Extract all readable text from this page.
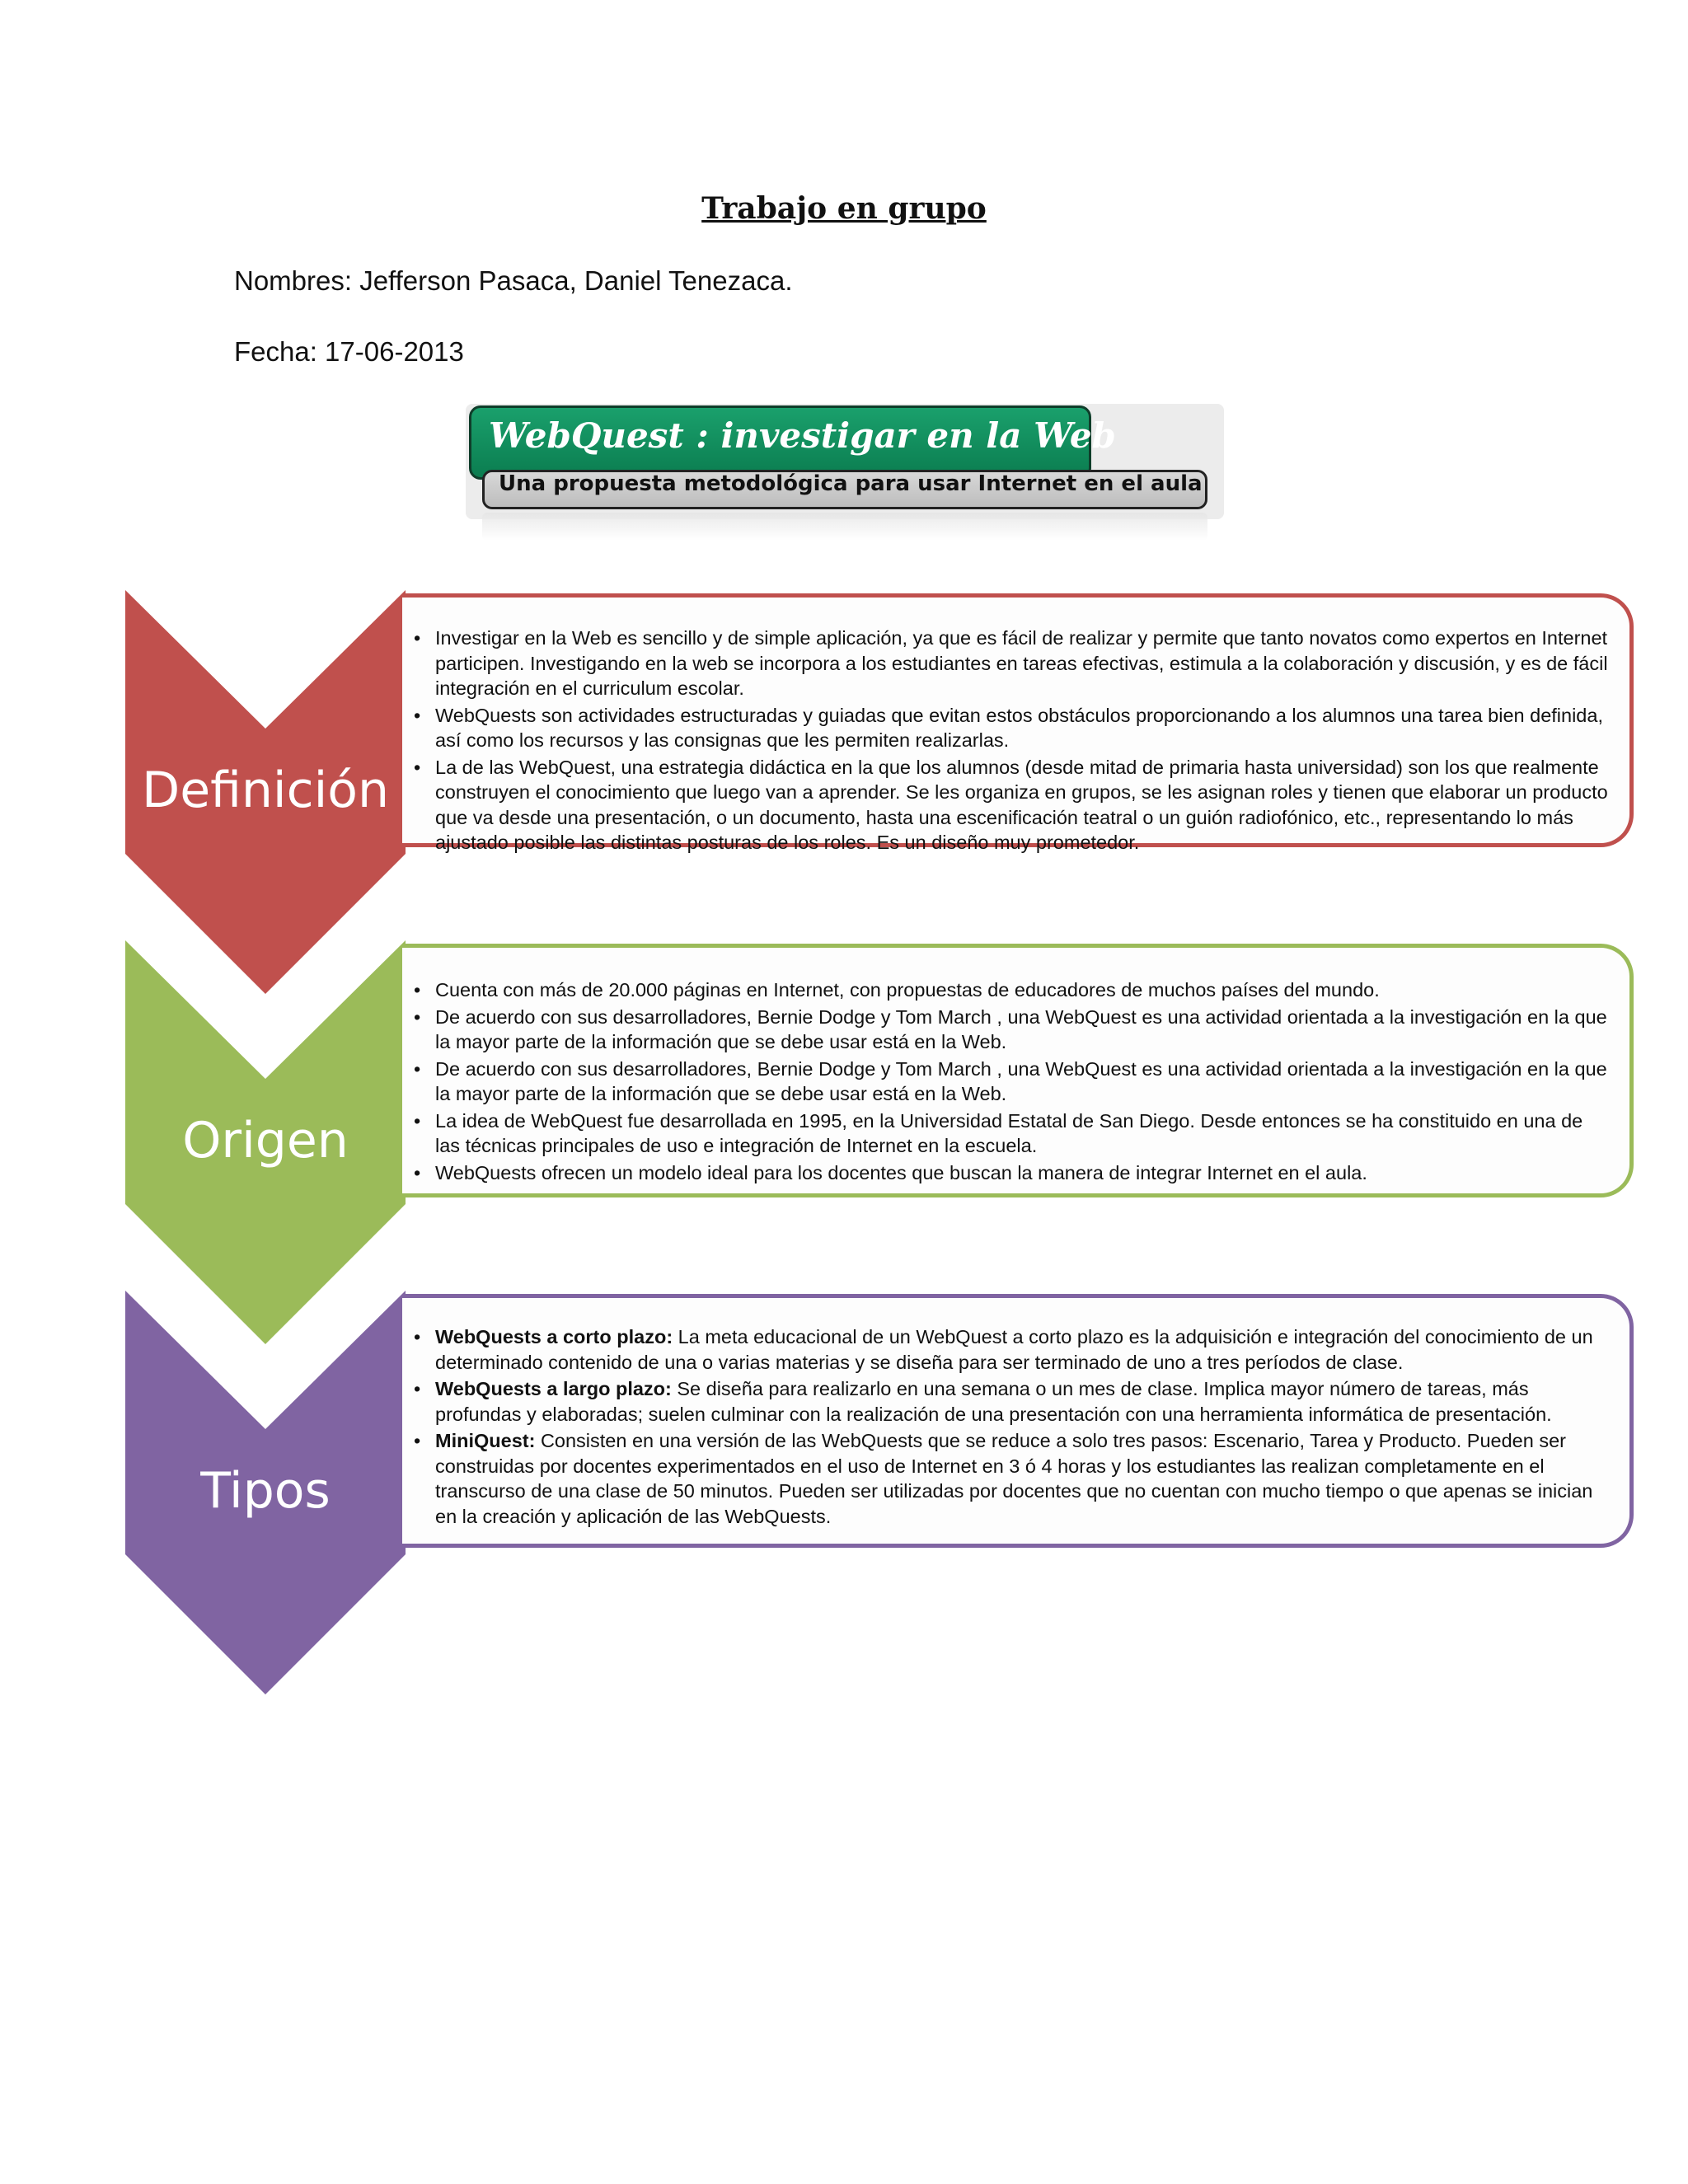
Trabajo en grupo
Nombres: Jefferson Pasaca, Daniel Tenezaca.
Fecha: 17-06-2013
WebQuest : investigar en la Web
Una propuesta metodológica para usar Internet en el aula
Definición
• Investigar en la Web es sencillo y de simple aplicación, ya que es fácil de realizar y permite que tanto novatos como expertos en Internet participen. Investigando en la web se incorpora a los estudiantes en tareas efectivas, estimula a la colaboración y discusión, y es de fácil integración en el curriculum escolar.
• WebQuests son actividades estructuradas y guiadas que evitan estos obstáculos proporcionando a los alumnos una tarea bien definida, así como los recursos y las consignas que les permiten realizarlas.
• La de las WebQuest, una estrategia didáctica en la que los alumnos (desde mitad de primaria hasta universidad) son los que realmente construyen el conocimiento que luego van a aprender. Se les organiza en grupos, se les asignan roles y tienen que elaborar un producto que va desde una presentación, o un documento, hasta una escenificación teatral o un guión radiofónico, etc., representando lo más ajustado posible las distintas posturas de los roles. Es un diseño muy prometedor.
Origen
• Cuenta con más de 20.000 páginas en Internet, con propuestas de educadores de muchos países del mundo.
• De acuerdo con sus desarrolladores, Bernie Dodge y Tom March , una WebQuest es una actividad orientada a la investigación en la que la mayor parte de la información que se debe usar está en la Web.
• De acuerdo con sus desarrolladores, Bernie Dodge y Tom March , una WebQuest es una actividad orientada a la investigación en la que la mayor parte de la información que se debe usar está en la Web.
• La idea de WebQuest fue desarrollada en 1995, en la Universidad Estatal de San Diego. Desde entonces se ha constituido en una de las técnicas principales de uso e integración de Internet en la escuela.
• WebQuests ofrecen un modelo ideal para los docentes que buscan la manera de integrar Internet en el aula.
Tipos
• WebQuests a corto plazo: La meta educacional de un WebQuest a corto plazo es la adquisición e integración del conocimiento de un determinado contenido de una o varias materias y se diseña para ser terminado de uno a tres períodos de clase.
• WebQuests a largo plazo: Se diseña para realizarlo en una semana o un mes de clase. Implica mayor número de tareas, más profundas y elaboradas; suelen culminar con la realización de una presentación con una herramienta informática de presentación.
• MiniQuest: Consisten en una versión de las WebQuests que se reduce a solo tres pasos: Escenario, Tarea y Producto. Pueden ser construidas por docentes experimentados en el uso de Internet en 3 ó 4 horas y los estudiantes las realizan completamente en el transcurso de una clase de 50 minutos. Pueden ser utilizadas por docentes que no cuentan con mucho tiempo o que apenas se inician en la creación y aplicación de las WebQuests.
